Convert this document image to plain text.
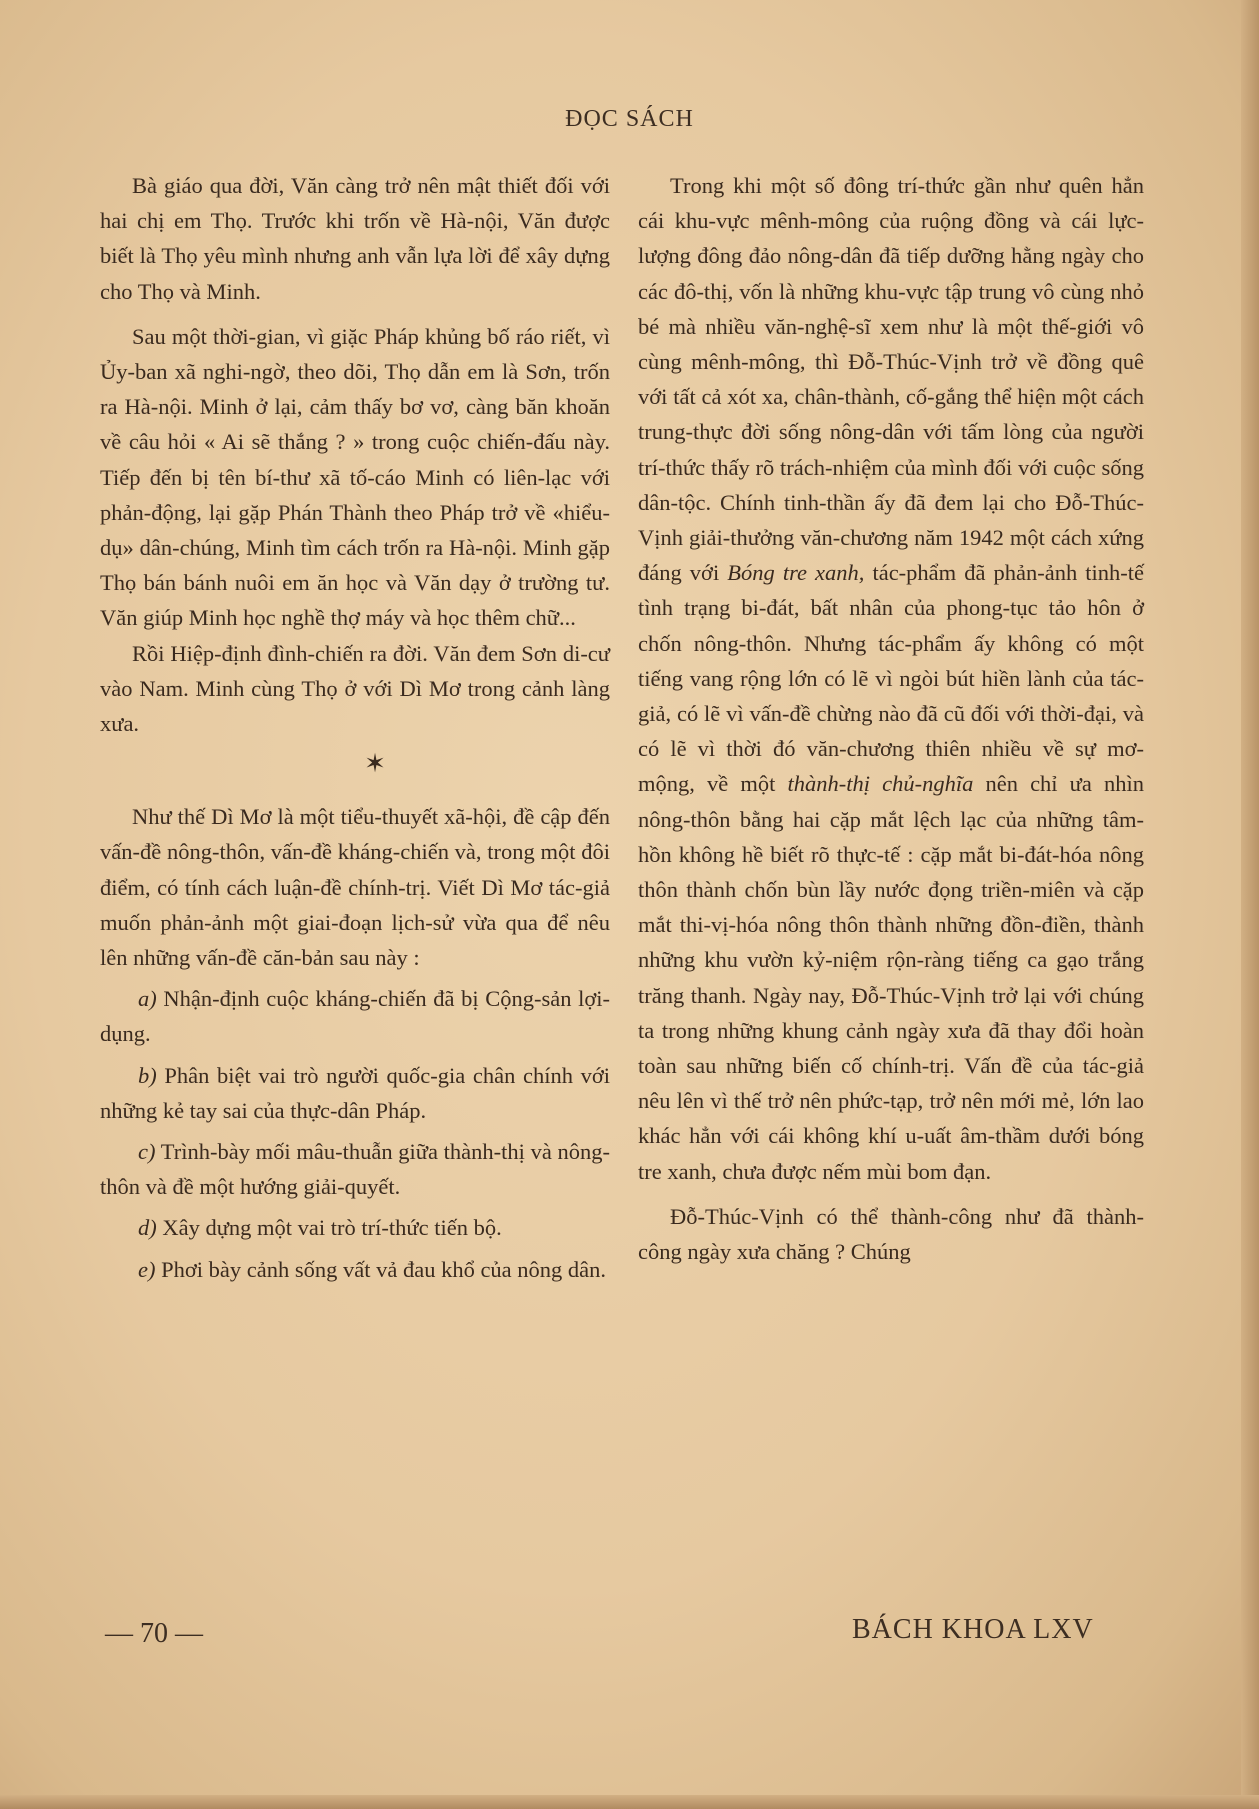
ĐỌC SÁCH

Bà giáo qua đời, Văn càng trở nên mật thiết đối với hai chị em Thọ. Trước khi trốn về Hà-nội, Văn được biết là Thọ yêu mình nhưng anh vẫn lựa lời để xây dựng cho Thọ và Minh.

Sau một thời-gian, vì giặc Pháp khủng bố ráo riết, vì Ủy-ban xã nghi-ngờ, theo dõi, Thọ dẫn em là Sơn, trốn ra Hà-nội. Minh ở lại, cảm thấy bơ vơ, càng băn khoăn về câu hỏi « Ai sẽ thắng ? » trong cuộc chiến-đấu này. Tiếp đến bị tên bí-thư xã tố-cáo Minh có liên-lạc với phản-động, lại gặp Phán Thành theo Pháp trở về «hiểu-dụ» dân-chúng, Minh tìm cách trốn ra Hà-nội. Minh gặp Thọ bán bánh nuôi em ăn học và Văn dạy ở trường tư. Văn giúp Minh học nghề thợ máy và học thêm chữ...

Rồi Hiệp-định đình-chiến ra đời. Văn đem Sơn di-cư vào Nam. Minh cùng Thọ ở với Dì Mơ trong cảnh làng xưa.

✶

Như thế Dì Mơ là một tiểu-thuyết xã-hội, đề cập đến vấn-đề nông-thôn, vấn-đề kháng-chiến và, trong một đôi điểm, có tính cách luận-đề chính-trị. Viết Dì Mơ tác-giả muốn phản-ảnh một giai-đoạn lịch-sử vừa qua để nêu lên những vấn-đề căn-bản sau này :

a) Nhận-định cuộc kháng-chiến đã bị Cộng-sản lợi-dụng.

b) Phân biệt vai trò người quốc-gia chân chính với những kẻ tay sai của thực-dân Pháp.

c) Trình-bày mối mâu-thuẫn giữa thành-thị và nông-thôn và đề một hướng giải-quyết.

d) Xây dựng một vai trò trí-thức tiến bộ.

e) Phơi bày cảnh sống vất vả đau khổ của nông dân.

Trong khi một số đông trí-thức gần như quên hẳn cái khu-vực mênh-mông của ruộng đồng và cái lực-lượng đông đảo nông-dân đã tiếp dưỡng hằng ngày cho các đô-thị, vốn là những khu-vực tập trung vô cùng nhỏ bé mà nhiều văn-nghệ-sĩ xem như là một thế-giới vô cùng mênh-mông, thì Đỗ-Thúc-Vịnh trở về đồng quê với tất cả xót xa, chân-thành, cố-gắng thể hiện một cách trung-thực đời sống nông-dân với tấm lòng của người trí-thức thấy rõ trách-nhiệm của mình đối với cuộc sống dân-tộc. Chính tinh-thần ấy đã đem lại cho Đỗ-Thúc-Vịnh giải-thưởng văn-chương năm 1942 một cách xứng đáng với Bóng tre xanh, tác-phẩm đã phản-ảnh tinh-tế tình trạng bi-đát, bất nhân của phong-tục tảo hôn ở chốn nông-thôn. Nhưng tác-phẩm ấy không có một tiếng vang rộng lớn có lẽ vì ngòi bút hiền lành của tác-giả, có lẽ vì vấn-đề chừng nào đã cũ đối với thời-đại, và có lẽ vì thời đó văn-chương thiên nhiều về sự mơ-mộng, về một thành-thị chủ-nghĩa nên chỉ ưa nhìn nông-thôn bằng hai cặp mắt lệch lạc của những tâm-hồn không hề biết rõ thực-tế : cặp mắt bi-đát-hóa nông thôn thành chốn bùn lầy nước đọng triền-miên và cặp mắt thi-vị-hóa nông thôn thành những đồn-điền, thành những khu vườn kỷ-niệm rộn-ràng tiếng ca gạo trắng trăng thanh. Ngày nay, Đỗ-Thúc-Vịnh trở lại với chúng ta trong những khung cảnh ngày xưa đã thay đổi hoàn toàn sau những biến cố chính-trị. Vấn đề của tác-giả nêu lên vì thế trở nên phức-tạp, trở nên mới mẻ, lớn lao khác hẳn với cái không khí u-uất âm-thầm dưới bóng tre xanh, chưa được nếm mùi bom đạn.

Đỗ-Thúc-Vịnh có thể thành-công như đã thành-công ngày xưa chăng ? Chúng

— 70 —	BÁCH KHOA LXV
